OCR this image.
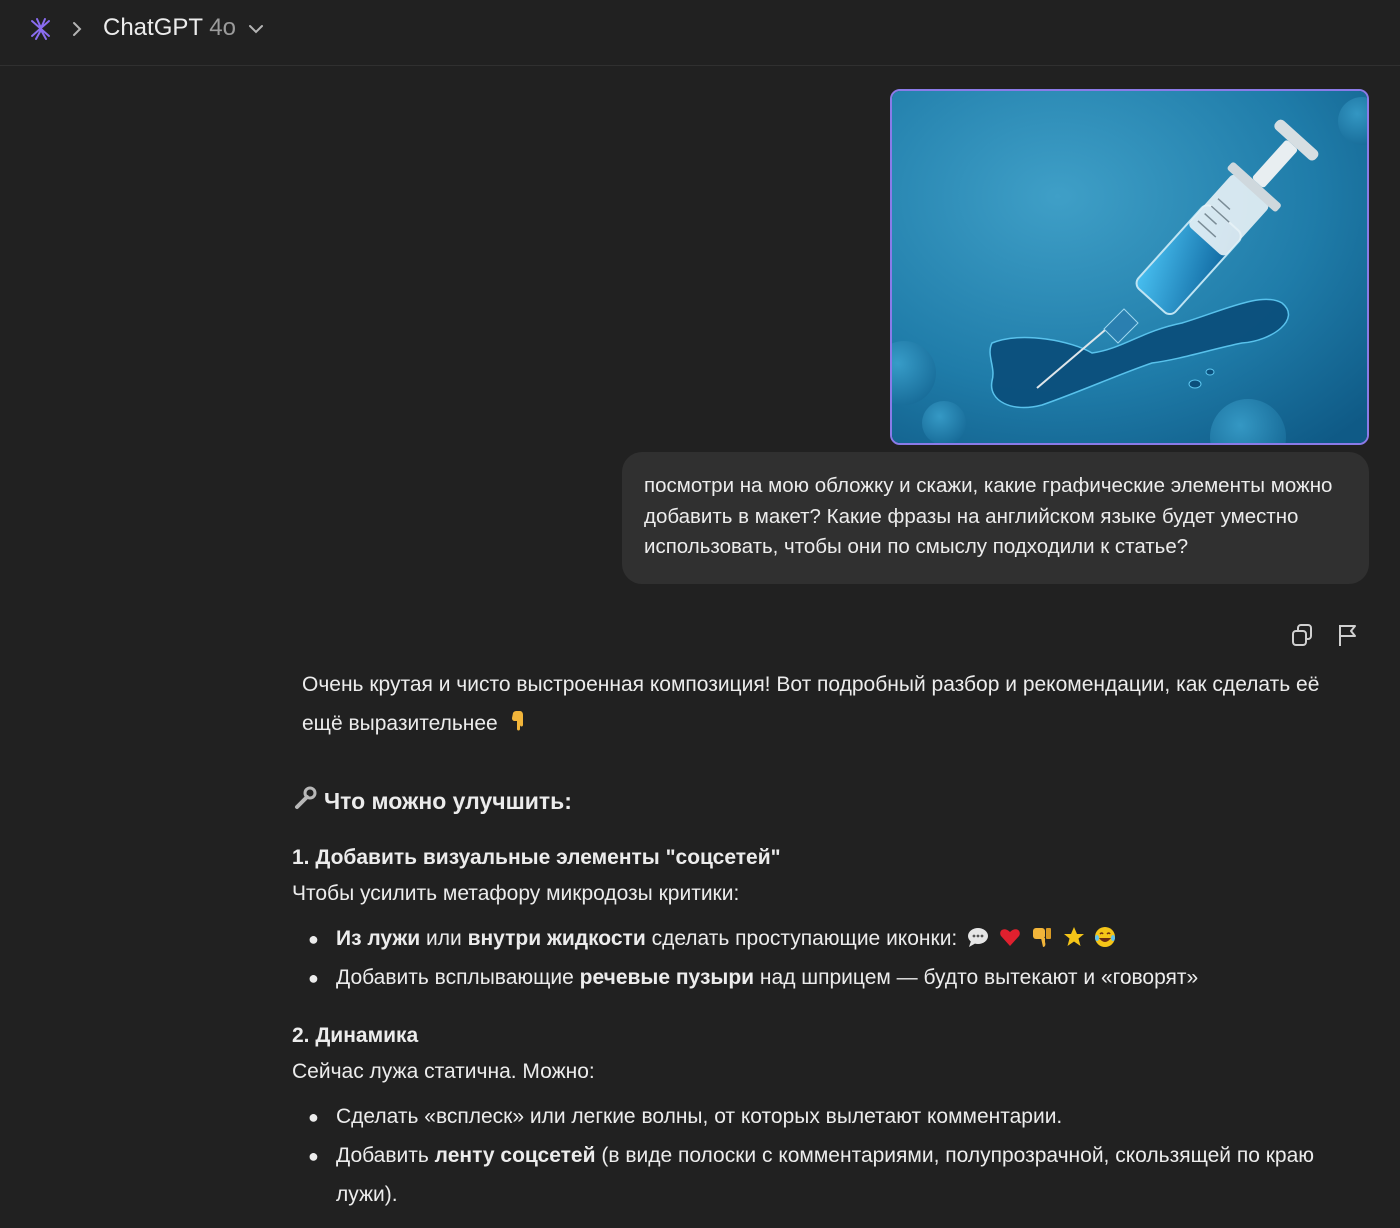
ChatGPT 4o
посмотри на мою обложку и скажи, какие графические элементы можно добавить в макет? Какие фразы на английском языке будет уместно использовать, чтобы они по смыслу подходили к статье?
Очень крутая и чисто выстроенная композиция! Вот подробный разбор и рекомендации, как сделать её ещё выразительнее
Что можно улучшить:
1. Добавить визуальные элементы "соцсетей"
Чтобы усилить метафору микродозы критики:
● Из лужи или внутри жидкости сделать проступающие иконки:
● Добавить всплывающие речевые пузыри над шприцем — будто вытекают и «говорят»
2. Динамика
Сейчас лужа статична. Можно:
● Сделать «всплеск» или легкие волны, от которых вылетают комментарии.
● Добавить ленту соцсетей (в виде полоски с комментариями, полупрозрачной, скользящей по краю лужи).
